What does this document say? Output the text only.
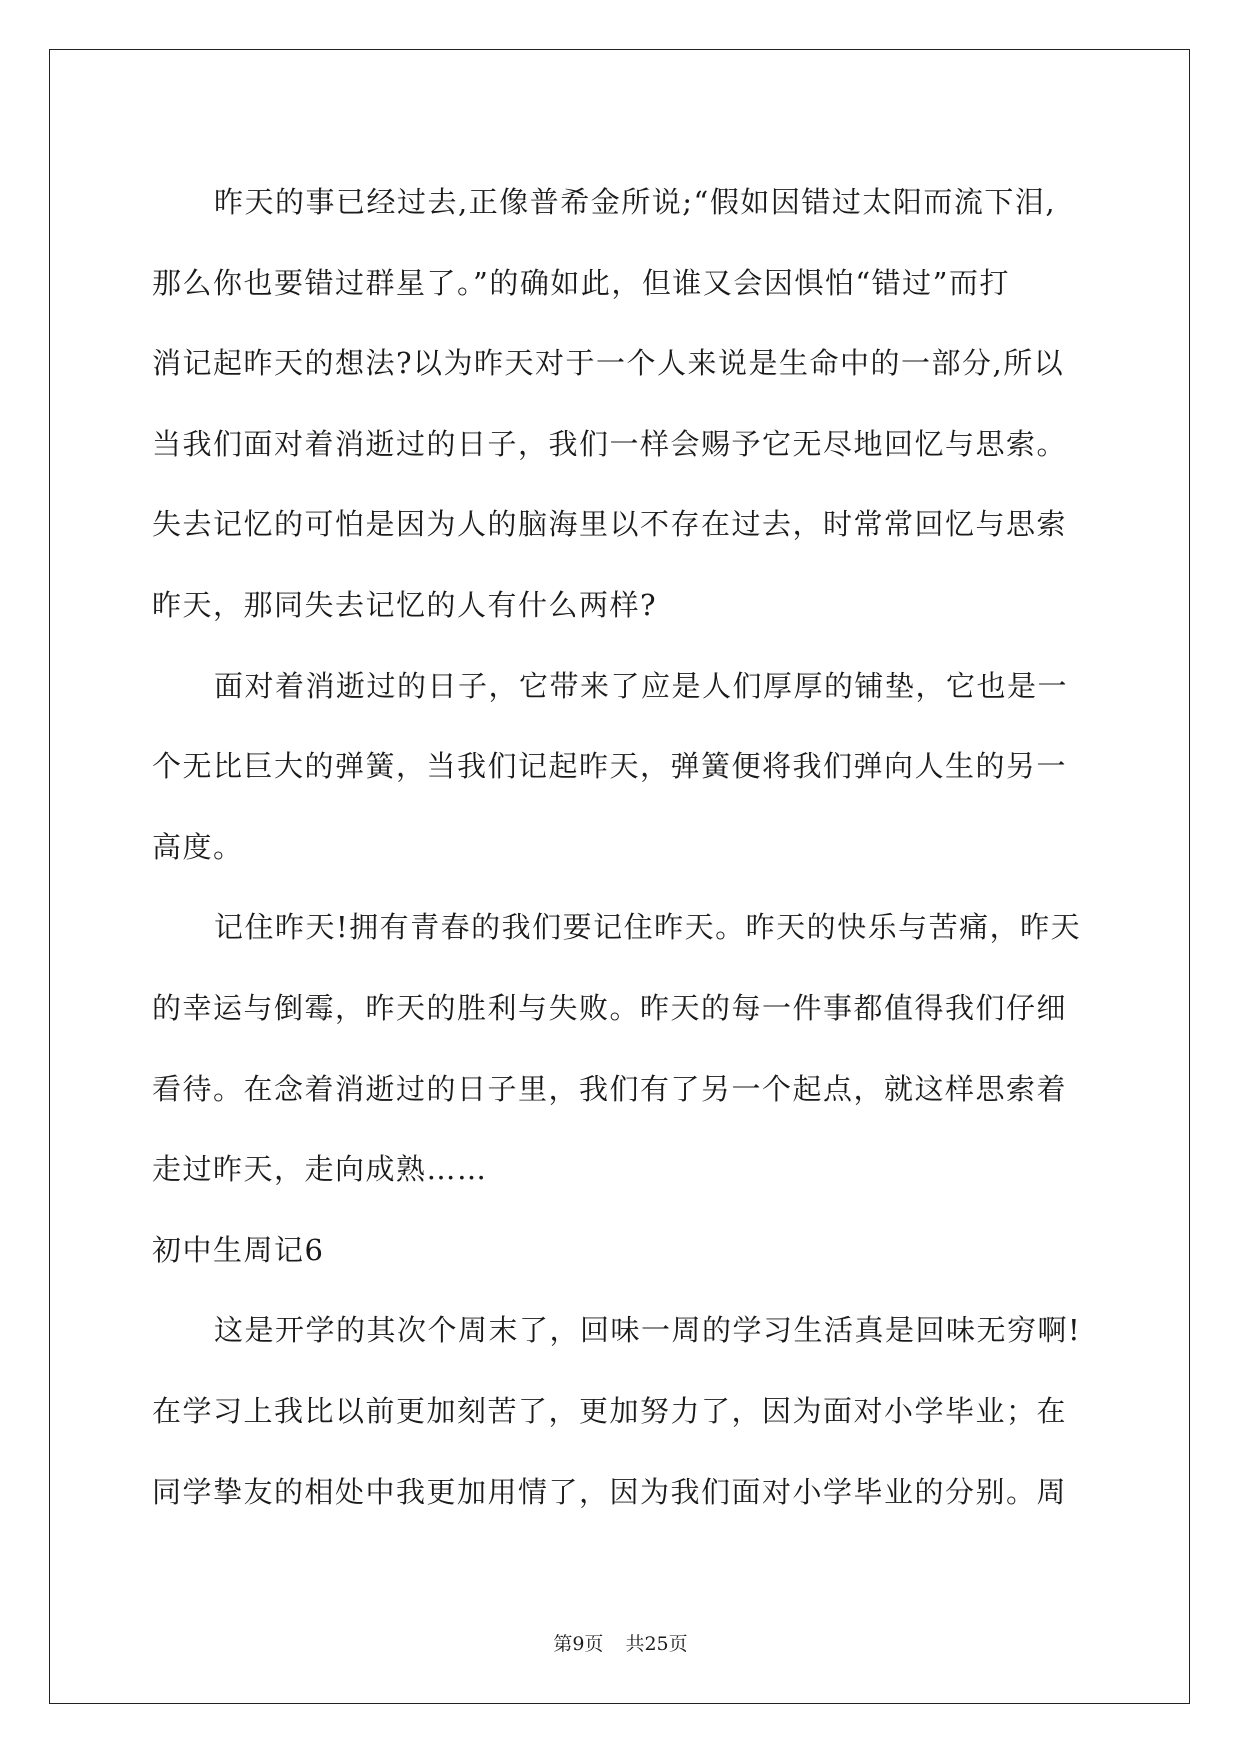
昨天的事已经过去,正像普希金所说;“假如因错过太阳而流下泪,
那么你也要错过群星了。”的确如此，但谁又会因惧怕“错过”而打
消记起昨天的想法?以为昨天对于一个人来说是生命中的一部分,所以
当我们面对着消逝过的日子，我们一样会赐予它无尽地回忆与思索。
失去记忆的可怕是因为人的脑海里以不存在过去，时常常回忆与思索
昨天，那同失去记忆的人有什么两样?
面对着消逝过的日子，它带来了应是人们厚厚的铺垫，它也是一
个无比巨大的弹簧，当我们记起昨天，弹簧便将我们弹向人生的另一
高度。
记住昨天!拥有青春的我们要记住昨天。昨天的快乐与苦痛，昨天
的幸运与倒霉，昨天的胜利与失败。昨天的每一件事都值得我们仔细
看待。在念着消逝过的日子里，我们有了另一个起点，就这样思索着
走过昨天，走向成熟……
初中生周记6
这是开学的其次个周末了，回味一周的学习生活真是回味无穷啊!
在学习上我比以前更加刻苦了，更加努力了，因为面对小学毕业；在
同学挚友的相处中我更加用情了，因为我们面对小学毕业的分别。周
第9页 共25页
